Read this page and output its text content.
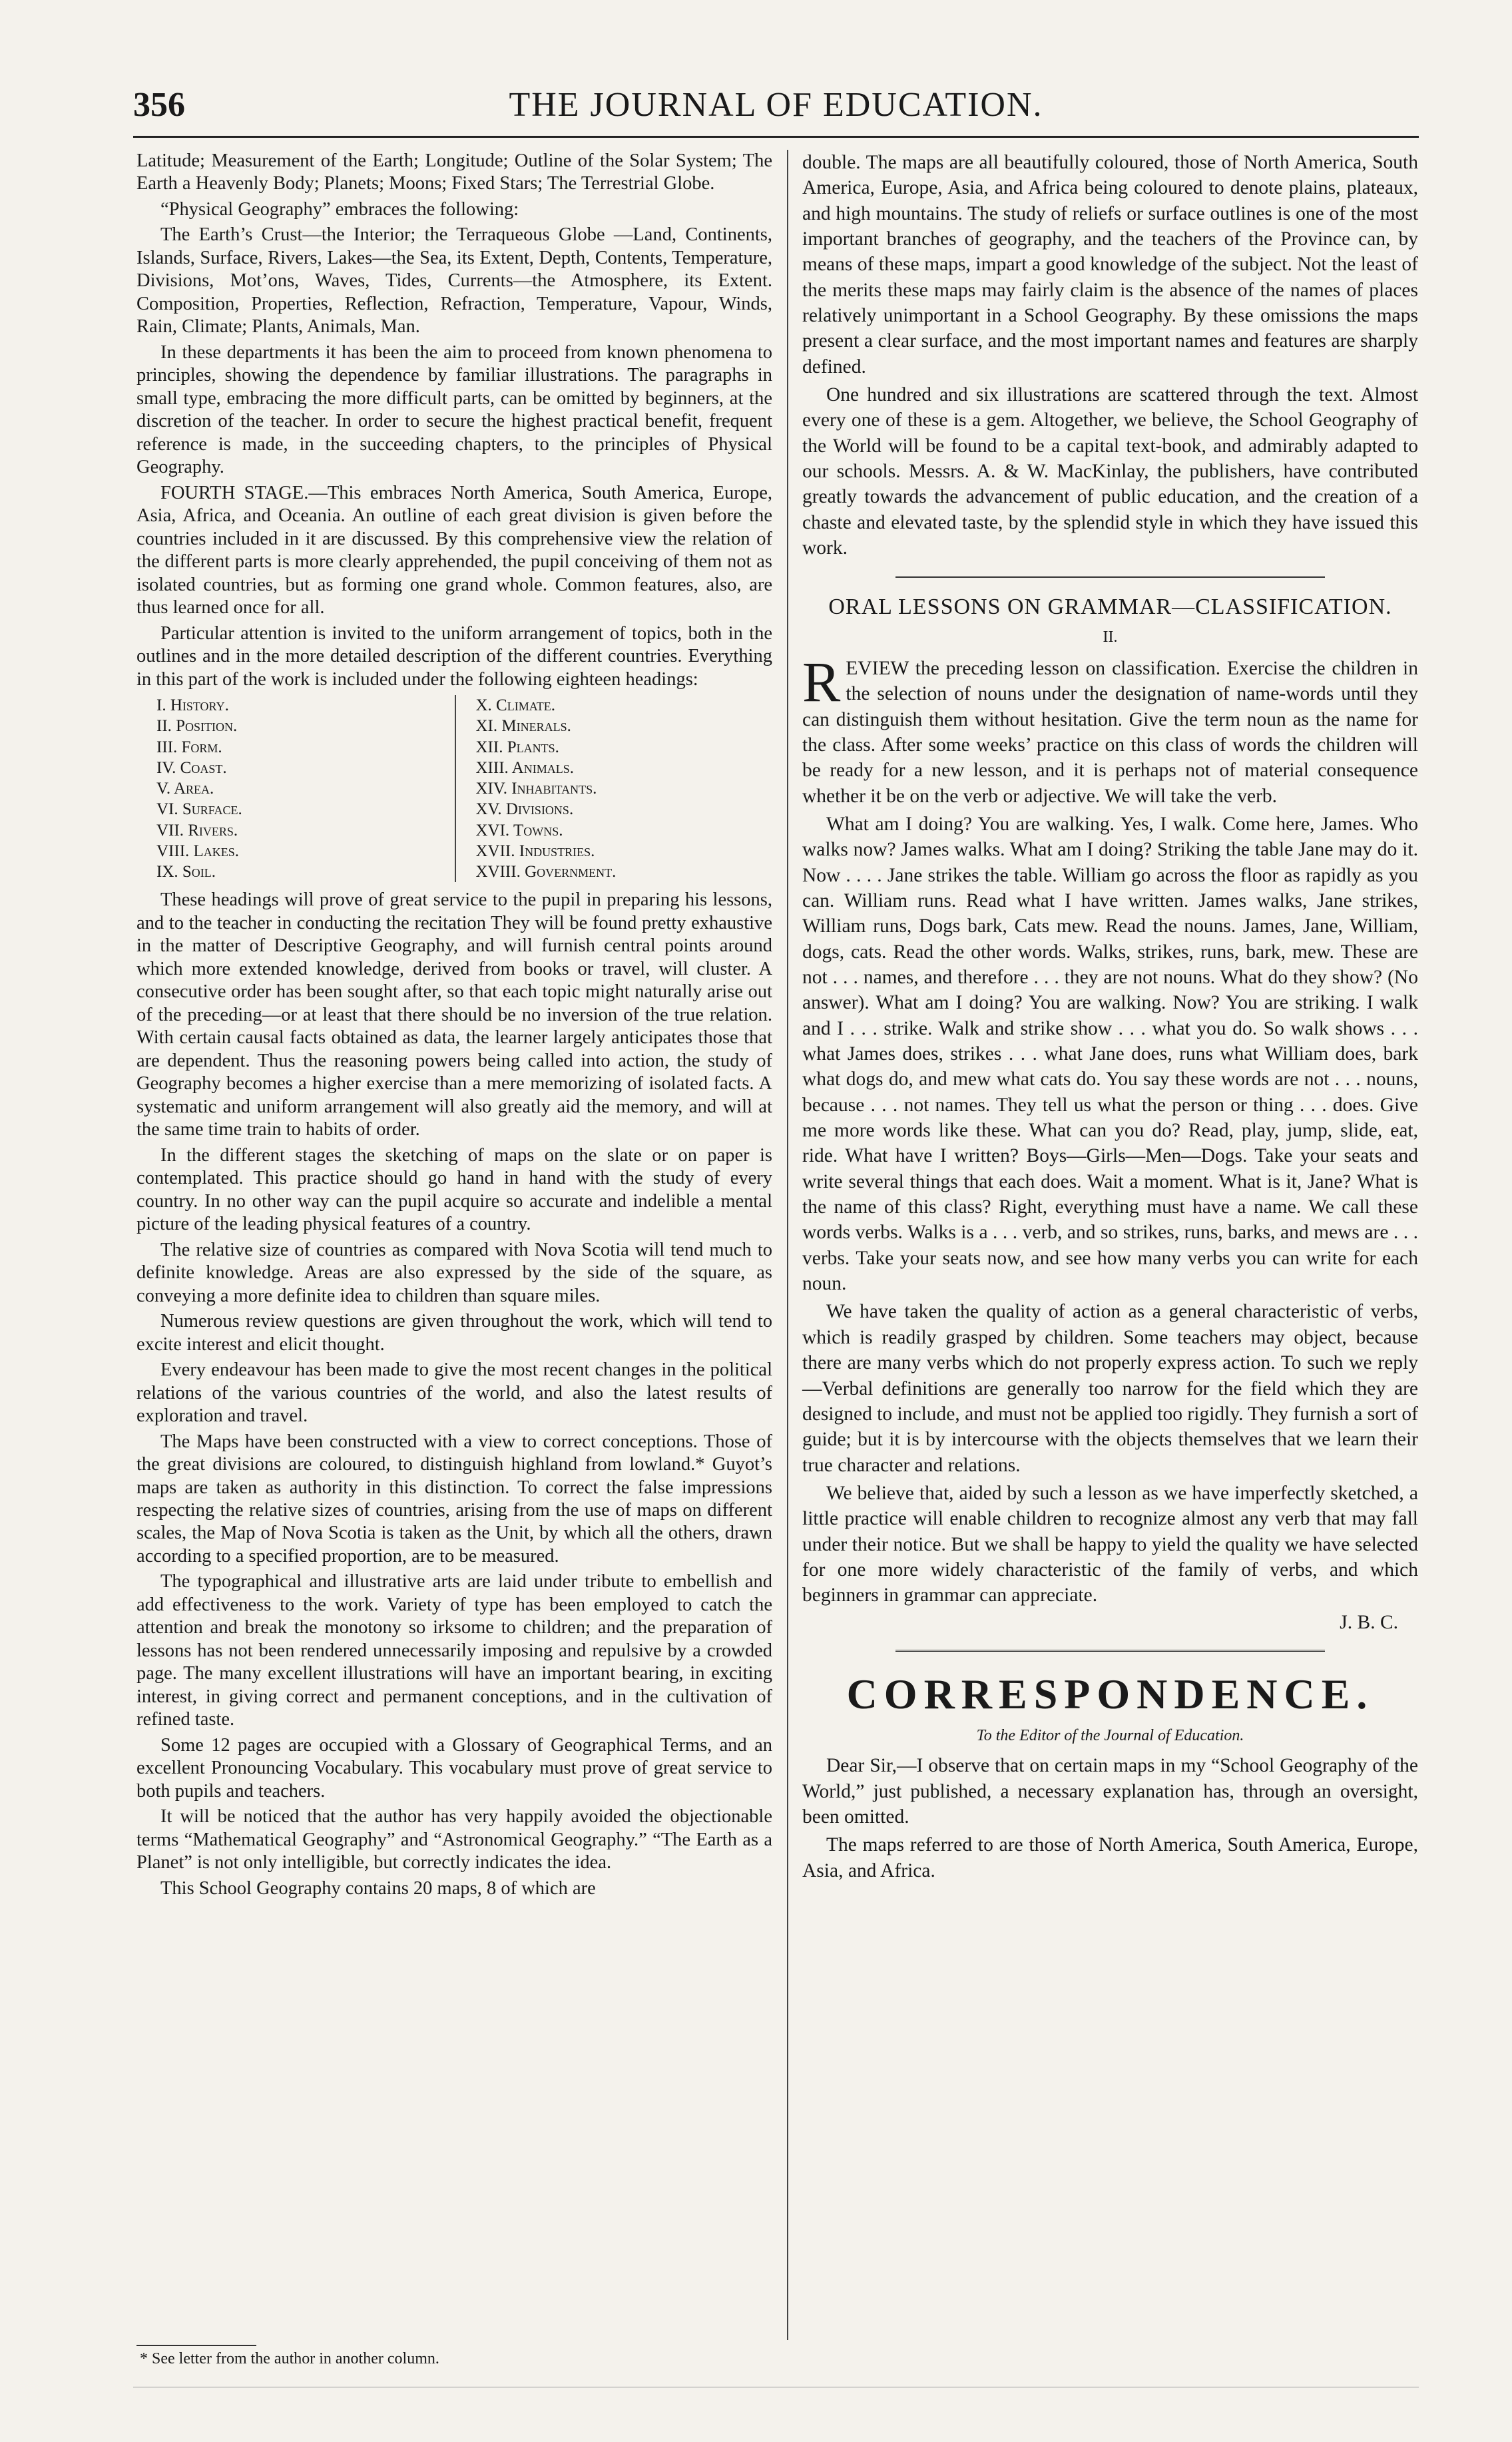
356	THE JOURNAL OF EDUCATION.

Latitude; Measurement of the Earth; Longitude; Outline of the Solar System; The Earth a Heavenly Body; Planets; Moons; Fixed Stars; The Terrestrial Globe.

“Physical Geography” embraces the following:

The Earth’s Crust—the Interior; the Terraqueous Globe —Land, Continents, Islands, Surface, Rivers, Lakes—the Sea, its Extent, Depth, Contents, Temperature, Divisions, Mot’ons, Waves, Tides, Currents—the Atmosphere, its Extent. Composition, Properties, Reflection, Refraction, Temperature, Vapour, Winds, Rain, Climate; Plants, Animals, Man.

In these departments it has been the aim to proceed from known phenomena to principles, showing the dependence by familiar illustrations. The paragraphs in small type, embracing the more difficult parts, can be omitted by beginners, at the discretion of the teacher. In order to secure the highest practical benefit, frequent reference is made, in the succeeding chapters, to the principles of Physical Geography.

FOURTH STAGE.—This embraces North America, South America, Europe, Asia, Africa, and Oceania. An outline of each great division is given before the countries included in it are discussed. By this comprehensive view the relation of the different parts is more clearly apprehended, the pupil conceiving of them not as isolated countries, but as forming one grand whole. Common features, also, are thus learned once for all.

Particular attention is invited to the uniform arrangement of topics, both in the outlines and in the more detailed description of the different countries. Everything in this part of the work is included under the following eighteen headings:

I. History.
II. Position.
III. Form.
IV. Coast.
V. Area.
VI. Surface.
VII. Rivers.
VIII. Lakes.
IX. Soil.
X. Climate.
XI. Minerals.
XII. Plants.
XIII. Animals.
XIV. Inhabitants.
XV. Divisions.
XVI. Towns.
XVII. Industries.
XVIII. Government.

These headings will prove of great service to the pupil in preparing his lessons, and to the teacher in conducting the recitation They will be found pretty exhaustive in the matter of Descriptive Geography, and will furnish central points around which more extended knowledge, derived from books or travel, will cluster. A consecutive order has been sought after, so that each topic might naturally arise out of the preceding—or at least that there should be no inversion of the true relation. With certain causal facts obtained as data, the learner largely anticipates those that are dependent. Thus the reasoning powers being called into action, the study of Geography becomes a higher exercise than a mere memorizing of isolated facts. A systematic and uniform arrangement will also greatly aid the memory, and will at the same time train to habits of order.

In the different stages the sketching of maps on the slate or on paper is contemplated. This practice should go hand in hand with the study of every country. In no other way can the pupil acquire so accurate and indelible a mental picture of the leading physical features of a country.

The relative size of countries as compared with Nova Scotia will tend much to definite knowledge. Areas are also expressed by the side of the square, as conveying a more definite idea to children than square miles.

Numerous review questions are given throughout the work, which will tend to excite interest and elicit thought.

Every endeavour has been made to give the most recent changes in the political relations of the various countries of the world, and also the latest results of exploration and travel.

The Maps have been constructed with a view to correct conceptions. Those of the great divisions are coloured, to distinguish highland from lowland.* Guyot’s maps are taken as authority in this distinction. To correct the false impressions respecting the relative sizes of countries, arising from the use of maps on different scales, the Map of Nova Scotia is taken as the Unit, by which all the others, drawn according to a specified proportion, are to be measured.

The typographical and illustrative arts are laid under tribute to embellish and add effectiveness to the work. Variety of type has been employed to catch the attention and break the monotony so irksome to children; and the preparation of lessons has not been rendered unnecessarily imposing and repulsive by a crowded page. The many excellent illustrations will have an important bearing, in exciting interest, in giving correct and permanent conceptions, and in the cultivation of refined taste.

Some 12 pages are occupied with a Glossary of Geographical Terms, and an excellent Pronouncing Vocabulary. This vocabulary must prove of great service to both pupils and teachers.

It will be noticed that the author has very happily avoided the objectionable terms “Mathematical Geography” and “Astronomical Geography.” “The Earth as a Planet” is not only intelligible, but correctly indicates the idea.

This School Geography contains 20 maps, 8 of which are

double. The maps are all beautifully coloured, those of North America, South America, Europe, Asia, and Africa being coloured to denote plains, plateaux, and high mountains. The study of reliefs or surface outlines is one of the most important branches of geography, and the teachers of the Province can, by means of these maps, impart a good knowledge of the subject. Not the least of the merits these maps may fairly claim is the absence of the names of places relatively unimportant in a School Geography. By these omissions the maps present a clear surface, and the most important names and features are sharply defined.

One hundred and six illustrations are scattered through the text. Almost every one of these is a gem. Altogether, we believe, the School Geography of the World will be found to be a capital text-book, and admirably adapted to our schools. Messrs. A. & W. MacKinlay, the publishers, have contributed greatly towards the advancement of public education, and the creation of a chaste and elevated taste, by the splendid style in which they have issued this work.

ORAL LESSONS ON GRAMMAR—CLASSIFICATION.
II.

REVIEW the preceding lesson on classification. Exercise the children in the selection of nouns under the designation of name-words until they can distinguish them without hesitation. Give the term noun as the name for the class. After some weeks’ practice on this class of words the children will be ready for a new lesson, and it is perhaps not of material consequence whether it be on the verb or adjective. We will take the verb.

What am I doing? You are walking. Yes, I walk. Come here, James. Who walks now? James walks. What am I doing? Striking the table Jane may do it. Now . . . . Jane strikes the table. William go across the floor as rapidly as you can. William runs. Read what I have written. James walks, Jane strikes, William runs, Dogs bark, Cats mew. Read the nouns. James, Jane, William, dogs, cats. Read the other words. Walks, strikes, runs, bark, mew. These are not . . . names, and therefore . . . they are not nouns. What do they show? (No answer). What am I doing? You are walking. Now? You are striking. I walk and I . . . strike. Walk and strike show . . . what you do. So walk shows . . . what James does, strikes . . . what Jane does, runs what William does, bark what dogs do, and mew what cats do. You say these words are not . . . nouns, because . . . not names. They tell us what the person or thing . . . does. Give me more words like these. What can you do? Read, play, jump, slide, eat, ride. What have I written? Boys—Girls—Men—Dogs. Take your seats and write several things that each does. Wait a moment. What is it, Jane? What is the name of this class? Right, everything must have a name. We call these words verbs. Walks is a . . . verb, and so strikes, runs, barks, and mews are . . . verbs. Take your seats now, and see how many verbs you can write for each noun.

We have taken the quality of action as a general characteristic of verbs, which is readily grasped by children. Some teachers may object, because there are many verbs which do not properly express action. To such we reply—Verbal definitions are generally too narrow for the field which they are designed to include, and must not be applied too rigidly. They furnish a sort of guide; but it is by intercourse with the objects themselves that we learn their true character and relations.

We believe that, aided by such a lesson as we have imperfectly sketched, a little practice will enable children to recognize almost any verb that may fall under their notice. But we shall be happy to yield the quality we have selected for one more widely characteristic of the family of verbs, and which beginners in grammar can appreciate.

J. B. C.
CORRESPONDENCE.
To the Editor of the Journal of Education.

Dear Sir,—I observe that on certain maps in my “School Geography of the World,” just published, a necessary explanation has, through an oversight, been omitted.

The maps referred to are those of North America, South America, Europe, Asia, and Africa.

* See letter from the author in another column.
